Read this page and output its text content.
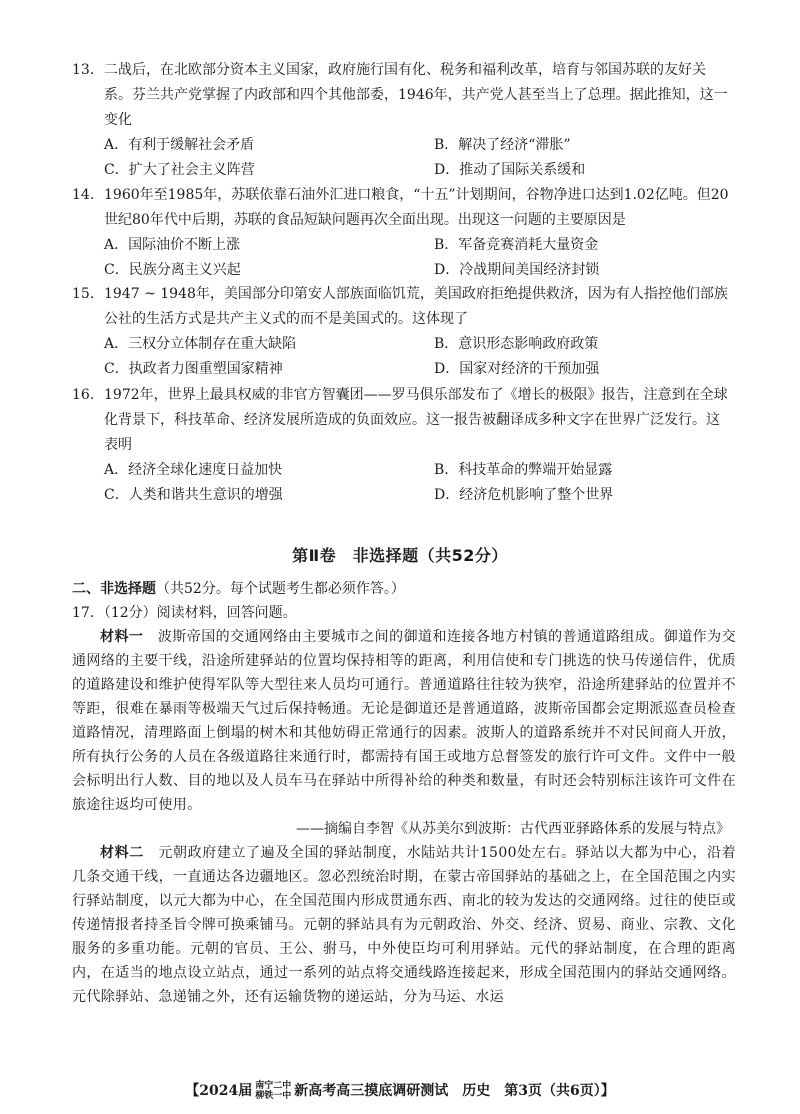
13. 二战后，在北欧部分资本主义国家，政府施行国有化、税务和福利改革，培育与邻国苏联的友好关系。芬兰共产党掌握了内政部和四个其他部委，1946年，共产党人甚至当上了总理。据此推知，这一变化
A．有利于缓解社会矛盾	B．解决了经济“滞胀”
C．扩大了社会主义阵营	D．推动了国际关系缓和
14. 1960年至1985年，苏联依靠石油外汇进口粮食，“十五”计划期间，谷物净进口达到1.02亿吨。但20世纪80年代中后期，苏联的食品短缺问题再次全面出现。出现这一问题的主要原因是
A．国际油价不断上涨	B．军备竞赛消耗大量资金
C．民族分离主义兴起	D．冷战期间美国经济封锁
15. 1947 ~ 1948年，美国部分印第安人部族面临饥荒，美国政府拒绝提供救济，因为有人指控他们部族公社的生活方式是共产主义式的而不是美国式的。这体现了
A．三权分立体制存在重大缺陷	B．意识形态影响政府政策
C．执政者力图重塑国家精神	D．国家对经济的干预加强
16. 1972年，世界上最具权威的非官方智囊团——罗马俱乐部发布了《增长的极限》报告，注意到在全球化背景下，科技革命、经济发展所造成的负面效应。这一报告被翻译成多种文字在世界广泛发行。这表明
A．经济全球化速度日益加快	B．科技革命的弊端开始显露
C．人类和谐共生意识的增强	D．经济危机影响了整个世界
第Ⅱ卷　非选择题（共52分）
二、非选择题（共52分。每个试题考生都必须作答。）
17．（12分）阅读材料，回答问题。
材料一　波斯帝国的交通网络由主要城市之间的御道和连接各地方村镇的普通道路组成。御道作为交通网络的主要干线，沿途所建驿站的位置均保持相等的距离，利用信使和专门挑选的快马传递信件，优质的道路建设和维护使得军队等大型往来人员均可通行。普通道路往往较为狭窄，沿途所建驿站的位置并不等距，很难在暴雨等极端天气过后保持畅通。无论是御道还是普通道路，波斯帝国都会定期派巡查员检查道路情况，清理路面上倒塌的树木和其他妨碍正常通行的因素。波斯人的道路系统并不对民间商人开放，所有执行公务的人员在各级道路往来通行时，都需持有国王或地方总督签发的旅行许可文件。文件中一般会标明出行人数、目的地以及人员车马在驿站中所得补给的种类和数量，有时还会特别标注该许可文件在旅途往返均可使用。
——摘编自李智《从苏美尔到波斯：古代西亚驿路体系的发展与特点》
材料二　元朝政府建立了遍及全国的驿站制度，水陆站共计1500处左右。驿站以大都为中心，沿着几条交通干线，一直通达各边疆地区。忽必烈统治时期，在蒙古帝国驿站的基础之上，在全国范围之内实行驿站制度，以元大都为中心，在全国范围内形成贯通东西、南北的较为发达的交通网络。过往的使臣或传递情报者持圣旨令牌可换乘铺马。元朝的驿站具有为元朝政治、外交、经济、贸易、商业、宗教、文化服务的多重功能。元朝的官员、王公、驸马，中外使臣均可利用驿站。元代的驿站制度，在合理的距离内，在适当的地点设立站点，通过一系列的站点将交通线路连接起来，形成全国范围内的驿站交通网络。元代除驿站、急递铺之外，还有运输货物的递运站，分为马运、水运
【2024届 南宁二中
柳铁一中 新高考高三摸底调研测试　历史　第3页（共6页）】
